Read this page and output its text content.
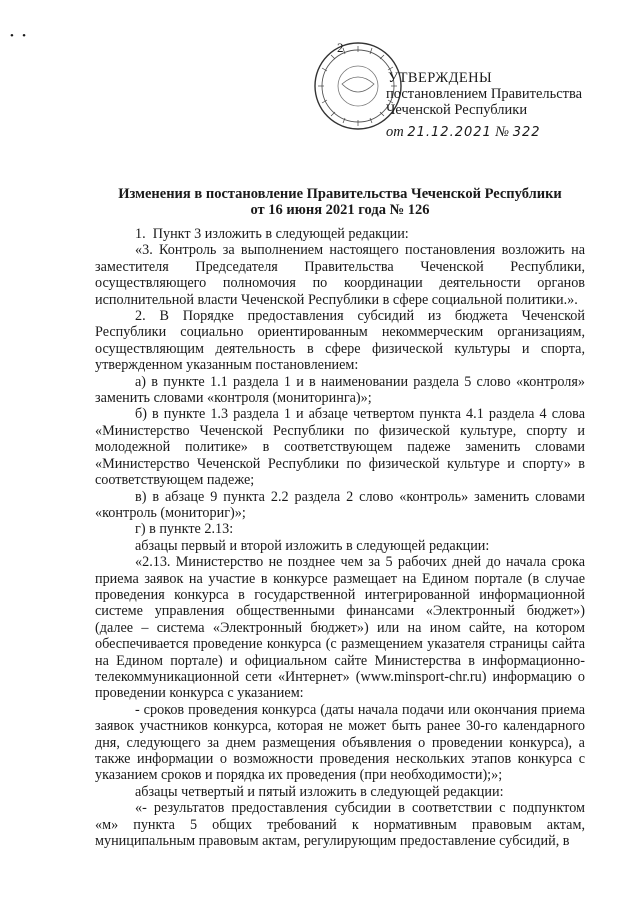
•   •
2
УТВЕРЖДЕНЫ
постановлением Правительства
Чеченской Республики
от 21.12.2021 № 322
Изменения в постановление Правительства Чеченской Республики
от 16 июня 2021 года № 126

1.  Пункт 3 изложить в следующей редакции:

«3. Контроль за выполнением настоящего постановления возложить на заместителя Председателя Правительства Чеченской Республики, осуществляющего полномочия по координации деятельности органов исполнительной власти Чеченской Республики в сфере социальной политики.».

2. В Порядке предоставления субсидий из бюджета Чеченской Республики социально ориентированным некоммерческим организациям, осуществляющим деятельность в сфере физической культуры и спорта, утвержденном указанным постановлением:

а) в пункте 1.1 раздела 1 и в наименовании раздела 5 слово «контроля» заменить словами «контроля (мониторинга)»;

б) в пункте 1.3 раздела 1 и абзаце четвертом пункта 4.1 раздела 4 слова «Министерство Чеченской Республики по физической культуре, спорту и молодежной политике» в соответствующем падеже заменить словами «Министерство Чеченской Республики по физической культуре и спорту» в соответствующем падеже;

в) в абзаце 9 пункта 2.2 раздела 2 слово «контроль» заменить словами «контроль (мониториг)»;

г) в пункте 2.13:

абзацы первый и второй изложить в следующей редакции:

«2.13. Министерство не позднее чем за 5 рабочих дней до начала срока приема заявок на участие в конкурсе размещает на Едином портале (в случае проведения конкурса в государственной интегрированной информационной системе управления общественными финансами «Электронный бюджет») (далее – система «Электронный бюджет») или на ином сайте, на котором обеспечивается проведение конкурса (с размещением указателя страницы сайта на Едином портале) и официальном сайте Министерства в информационно-телекоммуникационной сети «Интернет» (www.minsport-chr.ru) информацию о проведении конкурса с указанием:

- сроков проведения конкурса (даты начала подачи или окончания приема заявок участников конкурса, которая не может быть ранее 30-го календарного дня, следующего за днем размещения объявления о проведении конкурса), а также информации о возможности проведения нескольких этапов конкурса с указанием сроков и порядка их проведения (при необходимости);»;

абзацы четвертый и пятый изложить в следующей редакции:

«- результатов предоставления субсидии в соответствии с подпунктом «м» пункта 5 общих требований к нормативным правовым актам, муниципальным правовым актам, регулирующим предоставление субсидий, в
